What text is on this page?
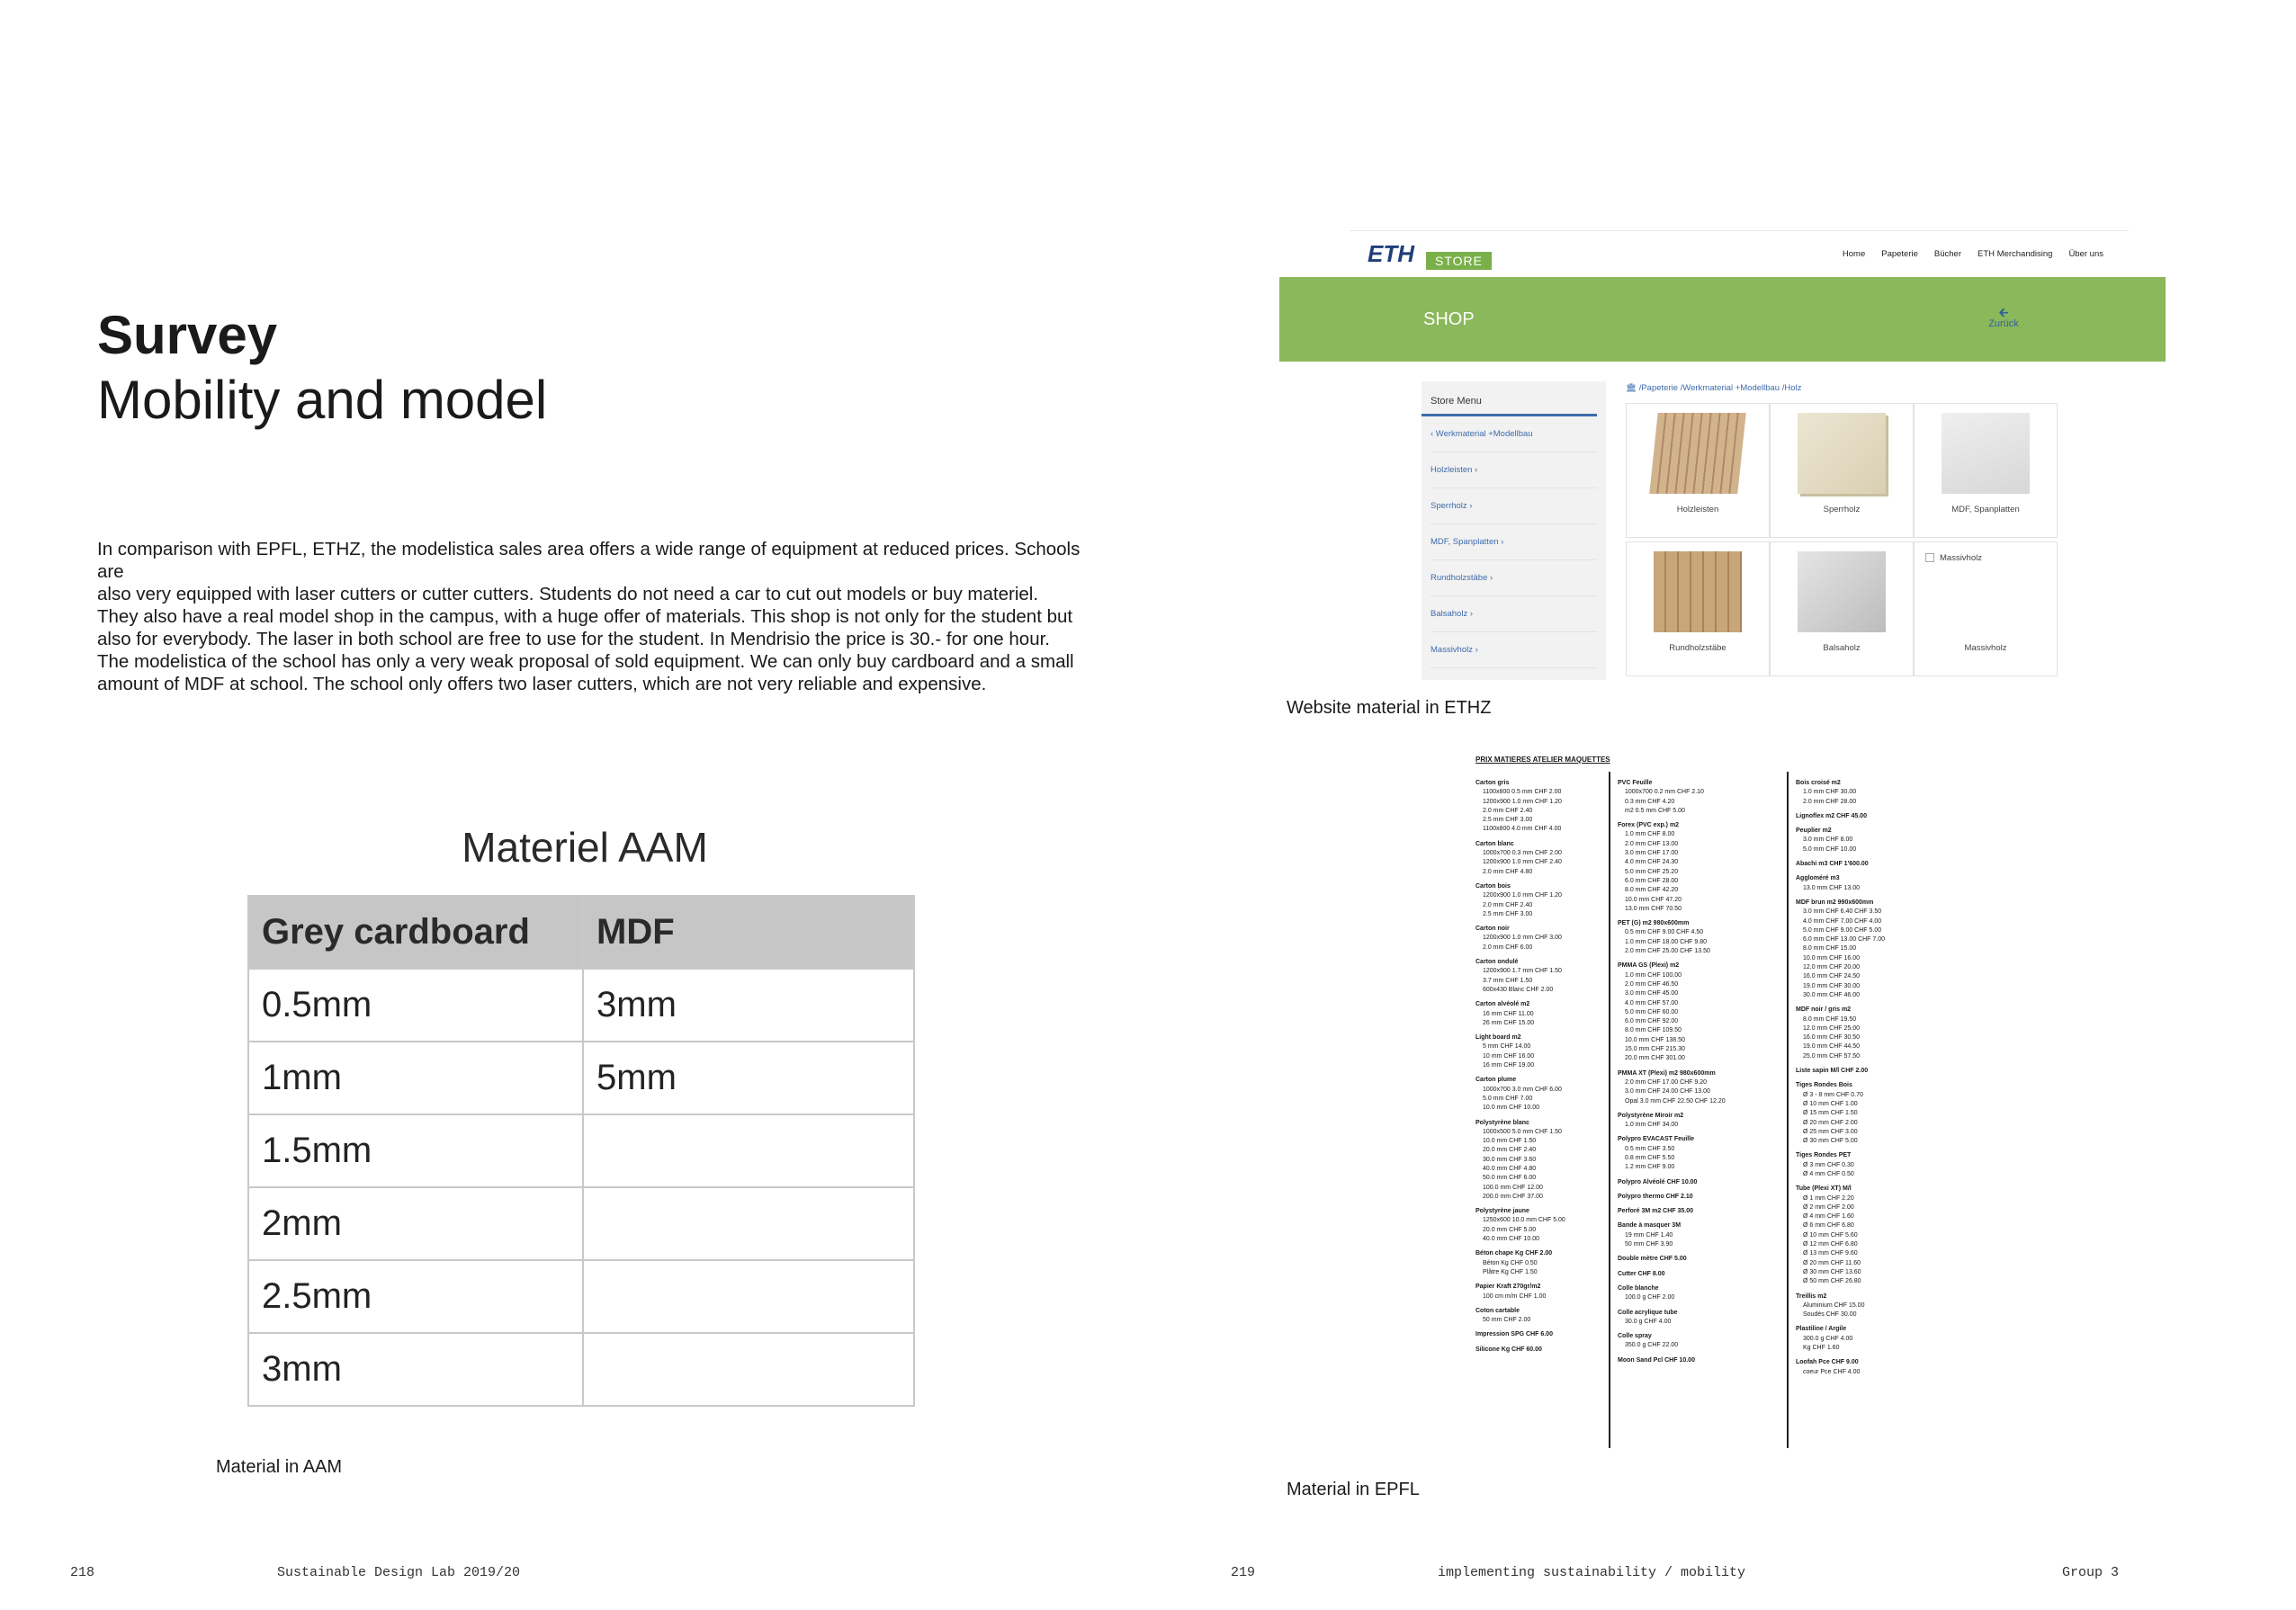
Survey
Mobility and model
In comparison with EPFL, ETHZ, the modelistica sales area offers a wide range of equipment at reduced prices. Schools
are
also very equipped with laser cutters or cutter cutters. Students do not need a car to cut out models or buy materiel.
They also have a real model shop in the campus, with a huge offer of materials. This shop is not only for the student but
also for everybody. The laser in both school are free to use for the student. In Mendrisio the price is 30.- for one hour.
The modelistica of the school has only a very weak proposal of sold equipment. We can only buy cardboard and a small
amount of MDF at school. The school only offers two laser cutters, which are not very reliable and expensive.
Materiel AAM
Grey cardboard	MDF
0.5mm	3mm
1mm	5mm
1.5mm	
2mm	
2.5mm	
3mm	
Material in AAM
ETH	STORE	Home Papeterie Bücher ETH Merchandising Über uns
SHOP	🡰
Zurück
Store Menu
‹ Werkmaterial +Modellbau
Holzleisten ›
Sperrholz ›
MDF, Spanplatten ›
Rundholzstäbe ›
Balsaholz ›
Massivholz ›
🏛 /Papeterie /Werkmaterial +Modellbau /Holz
Holzleisten	Sperrholz	MDF, Spanplatten
Rundholzstäbe	Balsaholz
Massivholz
Massivholz
Website material in ETHZ
PRIX MATIERES ATELIER MAQUETTES
Carton gris
1100x800 0.5 mm CHF 2.00
1200x900 1.0 mm CHF 1.20
2.0 mm CHF 2.40
2.5 mm CHF 3.00
1100x800 4.0 mm CHF 4.00
Carton blanc
1000x700 0.3 mm CHF 2.00
1200x900 1.0 mm CHF 2.40
2.0 mm CHF 4.80
Carton bois
1200x900 1.0 mm CHF 1.20
2.0 mm CHF 2.40
2.5 mm CHF 3.00
Carton noir
1200x900 1.0 mm CHF 3.00
2.0 mm CHF 6.00
Carton ondulé
1200x900 1.7 mm CHF 1.50
3.7 mm CHF 1.50
600x430 Blanc CHF 2.00
Carton alvéolé m2
16 mm CHF 11.00
26 mm CHF 15.00
Light board m2
5 mm CHF 14.00
10 mm CHF 16.00
16 mm CHF 19.00
Carton plume
1000x700 3.0 mm CHF 6.00
5.0 mm CHF 7.00
10.0 mm CHF 10.00
Polystyrène blanc
1000x500 5.0 mm CHF 1.50
10.0 mm CHF 1.50
20.0 mm CHF 2.40
30.0 mm CHF 3.60
40.0 mm CHF 4.80
50.0 mm CHF 6.00
100.0 mm CHF 12.00
200.0 mm CHF 37.00
Polystyrène jaune
1250x600 10.0 mm CHF 5.00
20.0 mm CHF 5.00
40.0 mm CHF 10.00
Béton chape Kg CHF 2.00
Béton Kg CHF 0.50
Plâtre Kg CHF 1.50
Papier Kraft 270gr/m2
100 cm m/m CHF 1.00
Coton cartable
50 mm CHF 2.00
Impression SPG CHF 6.00
Silicone Kg CHF 60.00
PVC Feuille
1000x700 0.2 mm CHF 2.10
0.3 mm CHF 4.20
m2 0.5 mm CHF 5.00
Forex (PVC exp.) m2
1.0 mm CHF 8.00
2.0 mm CHF 13.00
3.0 mm CHF 17.00
4.0 mm CHF 24.30
5.0 mm CHF 25.20
6.0 mm CHF 28.00
8.0 mm CHF 42.20
10.0 mm CHF 47.20
13.0 mm CHF 70.50
PET (G) m2 980x600mm
0.5 mm CHF 9.00 CHF 4.50
1.0 mm CHF 18.00 CHF 9.80
2.0 mm CHF 25.00 CHF 13.50
PMMA GS (Plexi) m2
1.0 mm CHF 100.00
2.0 mm CHF 46.50
3.0 mm CHF 45.00
4.0 mm CHF 57.00
5.0 mm CHF 60.00
6.0 mm CHF 92.00
8.0 mm CHF 109.50
10.0 mm CHF 138.50
15.0 mm CHF 215.30
20.0 mm CHF 301.00
PMMA XT (Plexi) m2 980x600mm
2.0 mm CHF 17.00 CHF 9.20
3.0 mm CHF 24.00 CHF 13.00
Opal 3.0 mm CHF 22.50 CHF 12.20
Polystyrène Miroir m2
1.0 mm CHF 34.00
Polypro EVACAST Feuille
0.5 mm CHF 3.50
0.8 mm CHF 5.50
1.2 mm CHF 9.00
Polypro Alvéolé CHF 10.00
Polypro thermo CHF 2.10
Perforé 3M m2 CHF 35.00
Bande à masquer 3M
19 mm CHF 1.40
50 mm CHF 3.90
Double mètre CHF 5.00
Cutter CHF 8.00
Colle blanche
100.0 g CHF 2.00
Colle acrylique tube
30.0 g CHF 4.00
Colle spray
350.0 g CHF 22.00
Moon Sand Pcl CHF 10.00
Bois croisé m2
1.0 mm CHF 30.00
2.0 mm CHF 28.00
Lignoflex m2 CHF 45.00
Peuplier m2
3.0 mm CHF 8.00
5.0 mm CHF 10.00
Abachi m3 CHF 1'600.00
Aggloméré m3
13.0 mm CHF 13.00
MDF brun m2 990x600mm
3.0 mm CHF 6.40 CHF 3.50
4.0 mm CHF 7.00 CHF 4.00
5.0 mm CHF 9.00 CHF 5.00
6.0 mm CHF 13.00 CHF 7.00
8.0 mm CHF 15.00
10.0 mm CHF 16.00
12.0 mm CHF 20.00
16.0 mm CHF 24.50
19.0 mm CHF 30.00
30.0 mm CHF 46.00
MDF noir / gris m2
8.0 mm CHF 19.50
12.0 mm CHF 25.00
16.0 mm CHF 30.50
19.0 mm CHF 44.50
25.0 mm CHF 57.50
Liste sapin M/l CHF 2.00
Tiges Rondes Bois
Ø 3 - 8 mm CHF 0.70
Ø 10 mm CHF 1.00
Ø 15 mm CHF 1.50
Ø 20 mm CHF 2.00
Ø 25 mm CHF 3.00
Ø 30 mm CHF 5.00
Tiges Rondes PET
Ø 3 mm CHF 0.30
Ø 4 mm CHF 0.50
Tube (Plexi XT) M/l
Ø 1 mm CHF 2.20
Ø 2 mm CHF 2.00
Ø 4 mm CHF 1.60
Ø 6 mm CHF 6.80
Ø 10 mm CHF 5.60
Ø 12 mm CHF 6.80
Ø 13 mm CHF 9.60
Ø 20 mm CHF 11.60
Ø 30 mm CHF 13.60
Ø 50 mm CHF 26.80
Treillis m2
Aluminium CHF 15.00
Soudés CHF 30.00
Plastiline / Argile
300.0 g CHF 4.00
Kg CHF 1.60
Loofah Pce CHF 9.00
coeur Pce CHF 4.00
Material in EPFL
218	Sustainable Design Lab 2019/20	219	implementing sustainability / mobility	Group 3
